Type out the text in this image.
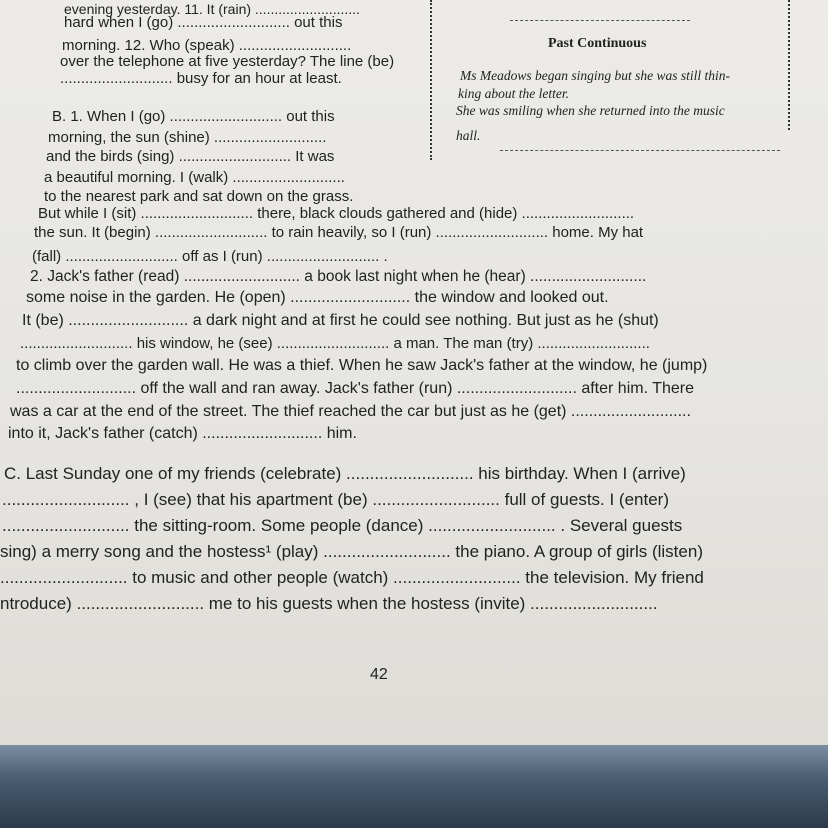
evening yesterday. 11. It (rain) ...........................
hard when I (go) ........................... out this
morning. 12. Who (speak) ...........................
over the telephone at five yesterday? The line (be)
........................... busy for an hour at least.
B. 1. When I (go) ........................... out this
morning, the sun (shine) ...........................
and the birds (sing) ........................... It was
a beautiful morning. I (walk) ...........................
Past Continuous
Ms Meadows began singing but she was still thin-
king about the letter.
She was smiling when she returned into the music
hall.
to the nearest park and sat down on the grass.
But while I (sit) ........................... there, black clouds gathered and (hide) ...........................
the sun. It (begin) ........................... to rain heavily, so I (run) ........................... home. My hat
(fall) ........................... off as I (run) ........................... .
2. Jack's father (read) ........................... a book last night when he (hear) ...........................
some noise in the garden. He (open) ........................... the window and looked out.
It (be) ........................... a dark night and at first he could see nothing. But just as he (shut)
........................... his window, he (see) ........................... a man. The man (try) ...........................
to climb over the garden wall. He was a thief. When he saw Jack's father at the window, he (jump)
........................... off the wall and ran away. Jack's father (run) ........................... after him. There
was a car at the end of the street. The thief reached the car but just as he (get) ...........................
into it, Jack's father (catch) ........................... him.
C. Last Sunday one of my friends (celebrate) ........................... his birthday. When I (arrive)
........................... , I (see) that his apartment (be) ........................... full of guests. I (enter)
........................... the sitting-room. Some people (dance) ........................... . Several guests
sing) a merry song and the hostess¹ (play) ........................... the piano. A group of girls (listen)
........................... to music and other people (watch) ........................... the television. My friend
ntroduce) ........................... me to his guests when the hostess (invite) ...........................
42
